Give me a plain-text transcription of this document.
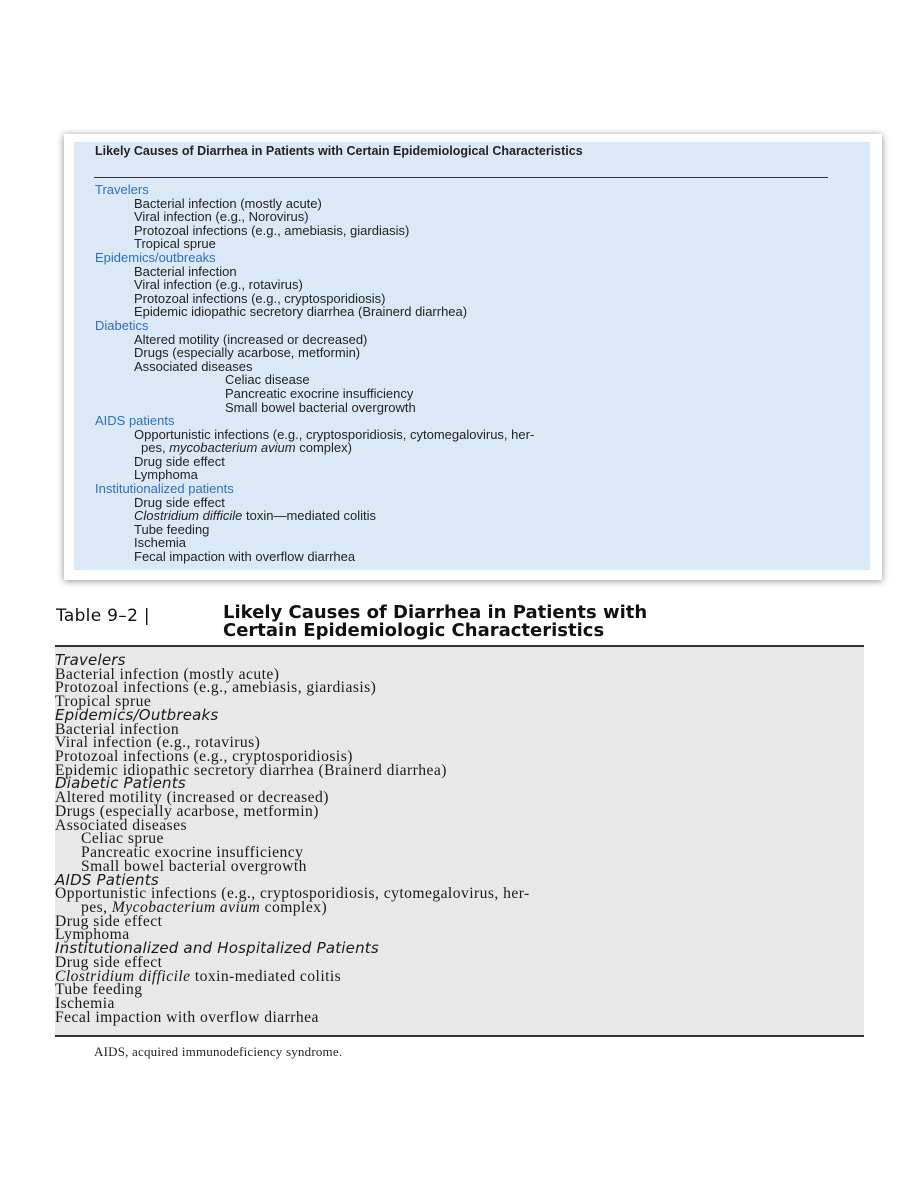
Likely Causes of Diarrhea in Patients with Certain Epidemiological Characteristics
Travelers
Bacterial infection (mostly acute)
Viral infection (e.g., Norovirus)
Protozoal infections (e.g., amebiasis, giardiasis)
Tropical sprue
Epidemics/outbreaks
Bacterial infection
Viral infection (e.g., rotavirus)
Protozoal infections (e.g., cryptosporidiosis)
Epidemic idiopathic secretory diarrhea (Brainerd diarrhea)
Diabetics
Altered motility (increased or decreased)
Drugs (especially acarbose, metformin)
Associated diseases
Celiac disease
Pancreatic exocrine insufficiency
Small bowel bacterial overgrowth
AIDS patients
Opportunistic infections (e.g., cryptosporidiosis, cytomegalovirus, her-
pes, mycobacterium avium complex)
Drug side effect
Lymphoma
Institutionalized patients
Drug side effect
Clostridium difficile toxin—mediated colitis
Tube feeding
Ischemia
Fecal impaction with overflow diarrhea
Table 9–2 |	Likely Causes of Diarrhea in Patients with
Certain Epidemiologic Characteristics
Travelers
Bacterial infection (mostly acute)
Protozoal infections (e.g., amebiasis, giardiasis)
Tropical sprue
Epidemics/Outbreaks
Bacterial infection
Viral infection (e.g., rotavirus)
Protozoal infections (e.g., cryptosporidiosis)
Epidemic idiopathic secretory diarrhea (Brainerd diarrhea)
Diabetic Patients
Altered motility (increased or decreased)
Drugs (especially acarbose, metformin)
Associated diseases
Celiac sprue
Pancreatic exocrine insufficiency
Small bowel bacterial overgrowth
AIDS Patients
Opportunistic infections (e.g., cryptosporidiosis, cytomegalovirus, her-
pes, Mycobacterium avium complex)
Drug side effect
Lymphoma
Institutionalized and Hospitalized Patients
Drug side effect
Clostridium difficile toxin-mediated colitis
Tube feeding
Ischemia
Fecal impaction with overflow diarrhea
AIDS, acquired immunodeficiency syndrome.
